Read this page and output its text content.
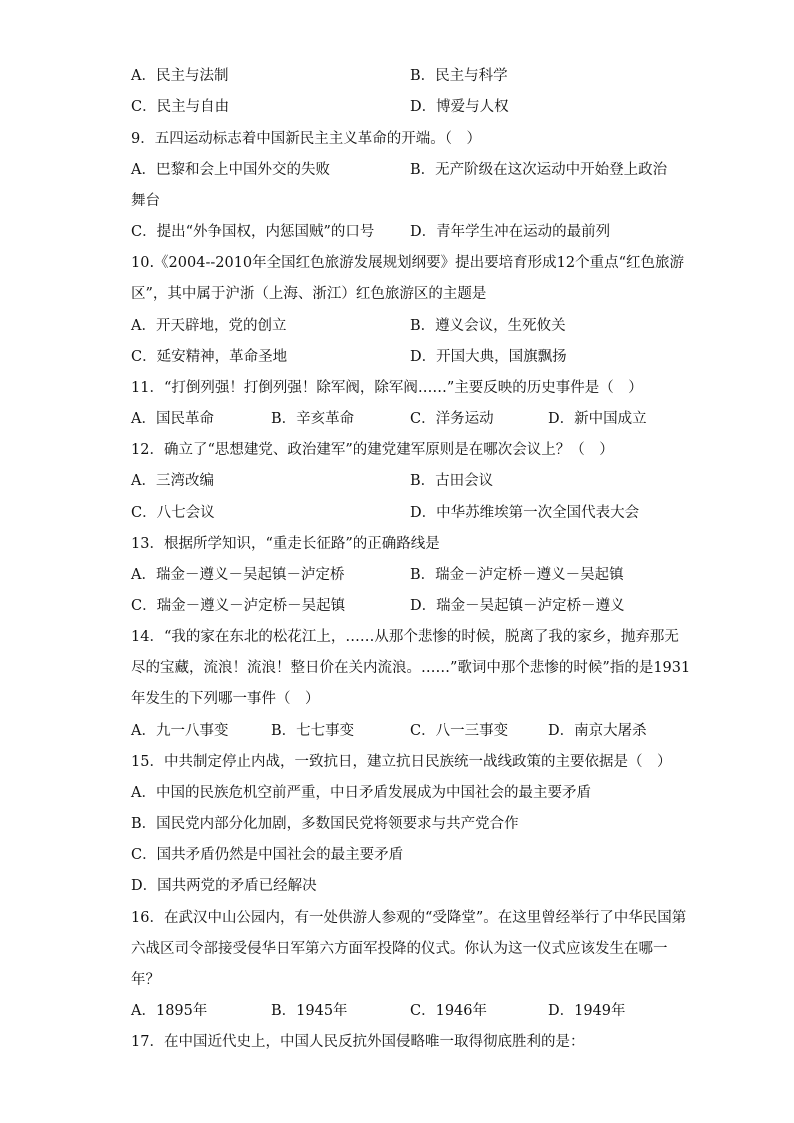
A．民主与法制	B．民主与科学
C．民主与自由	D．博爱与人权
9．五四运动标志着中国新民主主义革命的开端。（　）
A．巴黎和会上中国外交的失败	B．无产阶级在这次运动中开始登上政治
舞台
C．提出“外争国权，内惩国贼”的口号 D．青年学生冲在运动的最前列
10.《2004--2010年全国红色旅游发展规划纲要》提出要培育形成12个重点“红色旅游
区”，其中属于沪浙（上海、浙江）红色旅游区的主题是
A．开天辟地，党的创立	B．遵义会议，生死攸关
C．延安精神，革命圣地	D．开国大典，国旗飘扬
11．“打倒列强！打倒列强！除军阀，除军阀……”主要反映的历史事件是（　）
A．国民革命	B．辛亥革命	C．洋务运动	D．新中国成立
12．确立了“思想建党、政治建军”的建党建军原则是在哪次会议上？（　）
A．三湾改编	B．古田会议
C．八七会议	D．中华苏维埃第一次全国代表大会
13．根据所学知识，“重走长征路”的正确路线是
A．瑞金－遵义－吴起镇－泸定桥	B．瑞金－泸定桥－遵义－吴起镇
C．瑞金－遵义－泸定桥－吴起镇	D．瑞金－吴起镇－泸定桥－遵义
14．“我的家在东北的松花江上，……从那个悲惨的时候，脱离了我的家乡，抛弃那无
尽的宝藏，流浪！流浪！整日价在关内流浪。……”歌词中那个悲惨的时候”指的是1931
年发生的下列哪一事件（　）
A．九一八事变	B．七七事变	C．八一三事变	D．南京大屠杀
15．中共制定停止内战，一致抗日，建立抗日民族统一战线政策的主要依据是（　）
A．中国的民族危机空前严重，中日矛盾发展成为中国社会的最主要矛盾
B．国民党内部分化加剧，多数国民党将领要求与共产党合作
C．国共矛盾仍然是中国社会的最主要矛盾
D．国共两党的矛盾已经解决
16．在武汉中山公园内，有一处供游人参观的“受降堂”。在这里曾经举行了中华民国第
六战区司令部接受侵华日军第六方面军投降的仪式。你认为这一仪式应该发生在哪一
年？
A．1895年	B．1945年	C．1946年	D．1949年
17．在中国近代史上，中国人民反抗外国侵略唯一取得彻底胜利的是：
